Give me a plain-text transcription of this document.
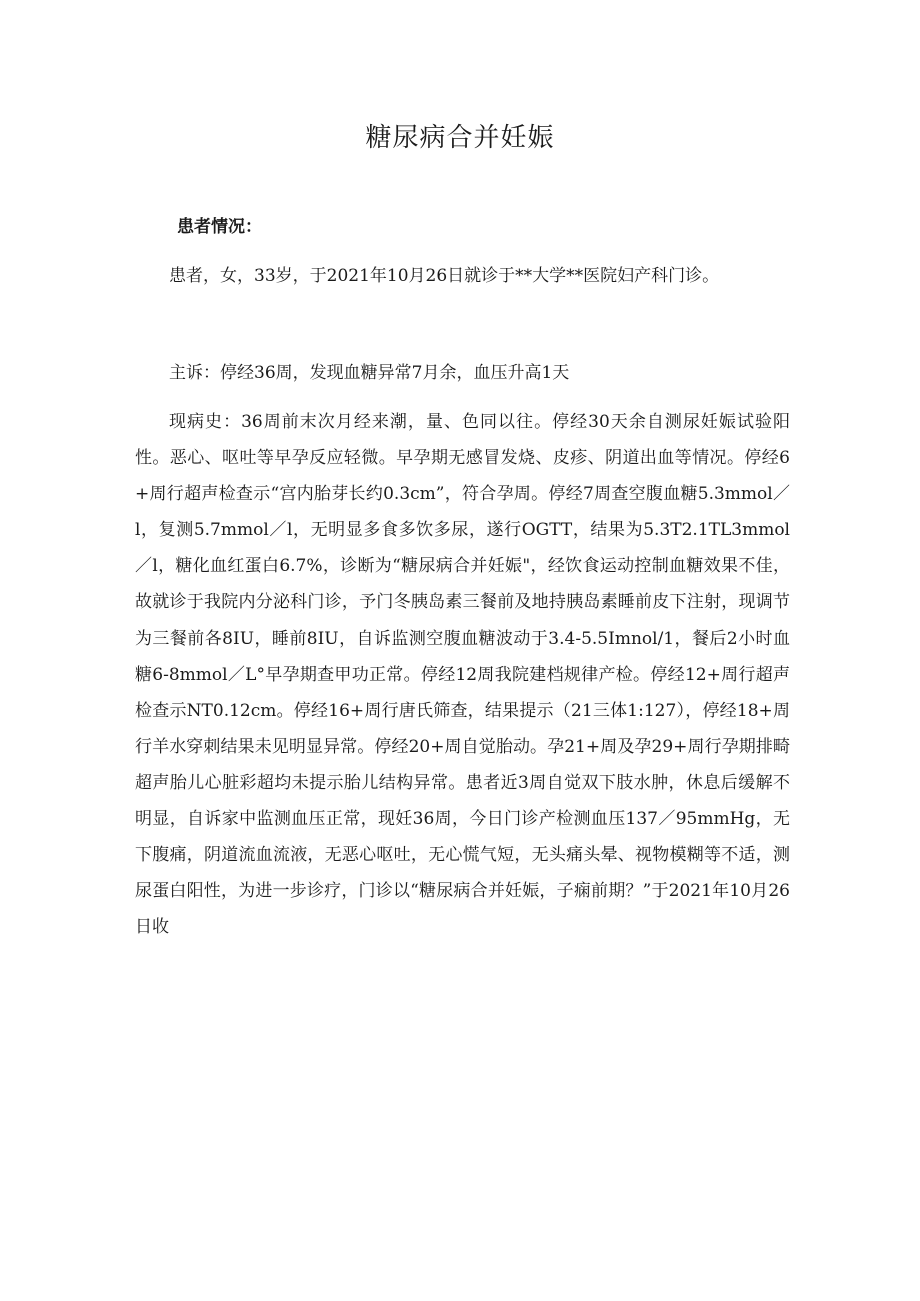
糖尿病合并妊娠

患者情况：

患者，女，33岁，于2021年10月26日就诊于**大学**医院妇产科门诊。

主诉：停经36周，发现血糖异常7月余，血压升高1天

现病史：36周前末次月经来潮，量、色同以往。停经30天余自测尿妊娠试验阳性。恶心、呕吐等早孕反应轻微。早孕期无感冒发烧、皮疹、阴道出血等情况。停经6+周行超声检查示“宫内胎芽长约0.3cm”，符合孕周。停经7周查空腹血糖5.3mmol／l，复测5.7mmol／l，无明显多食多饮多尿，遂行OGTT，结果为5.3T2.1TL3mmol／l，糖化血红蛋白6.7%，诊断为“糖尿病合并妊娠"，经饮食运动控制血糖效果不佳，故就诊于我院内分泌科门诊，予门冬胰岛素三餐前及地持胰岛素睡前皮下注射，现调节为三餐前各8IU，睡前8IU，自诉监测空腹血糖波动于3.4-5.5Imnol/1，餐后2小时血糖6-8mmol／L°早孕期查甲功正常。停经12周我院建档规律产检。停经12+周行超声检查示NT0.12cm。停经16+周行唐氏筛查，结果提示（21三体1:127），停经18+周行羊水穿刺结果未见明显异常。停经20+周自觉胎动。孕21+周及孕29+周行孕期排畸超声胎儿心脏彩超均未提示胎儿结构异常。患者近3周自觉双下肢水肿，休息后缓解不明显，自诉家中监测血压正常，现妊36周，今日门诊产检测血压137／95mmHg，无下腹痛，阴道流血流液，无恶心呕吐，无心慌气短，无头痛头晕、视物模糊等不适，测尿蛋白阳性，为进一步诊疗，门诊以“糖尿病合并妊娠，子痫前期？”于2021年10月26日收
